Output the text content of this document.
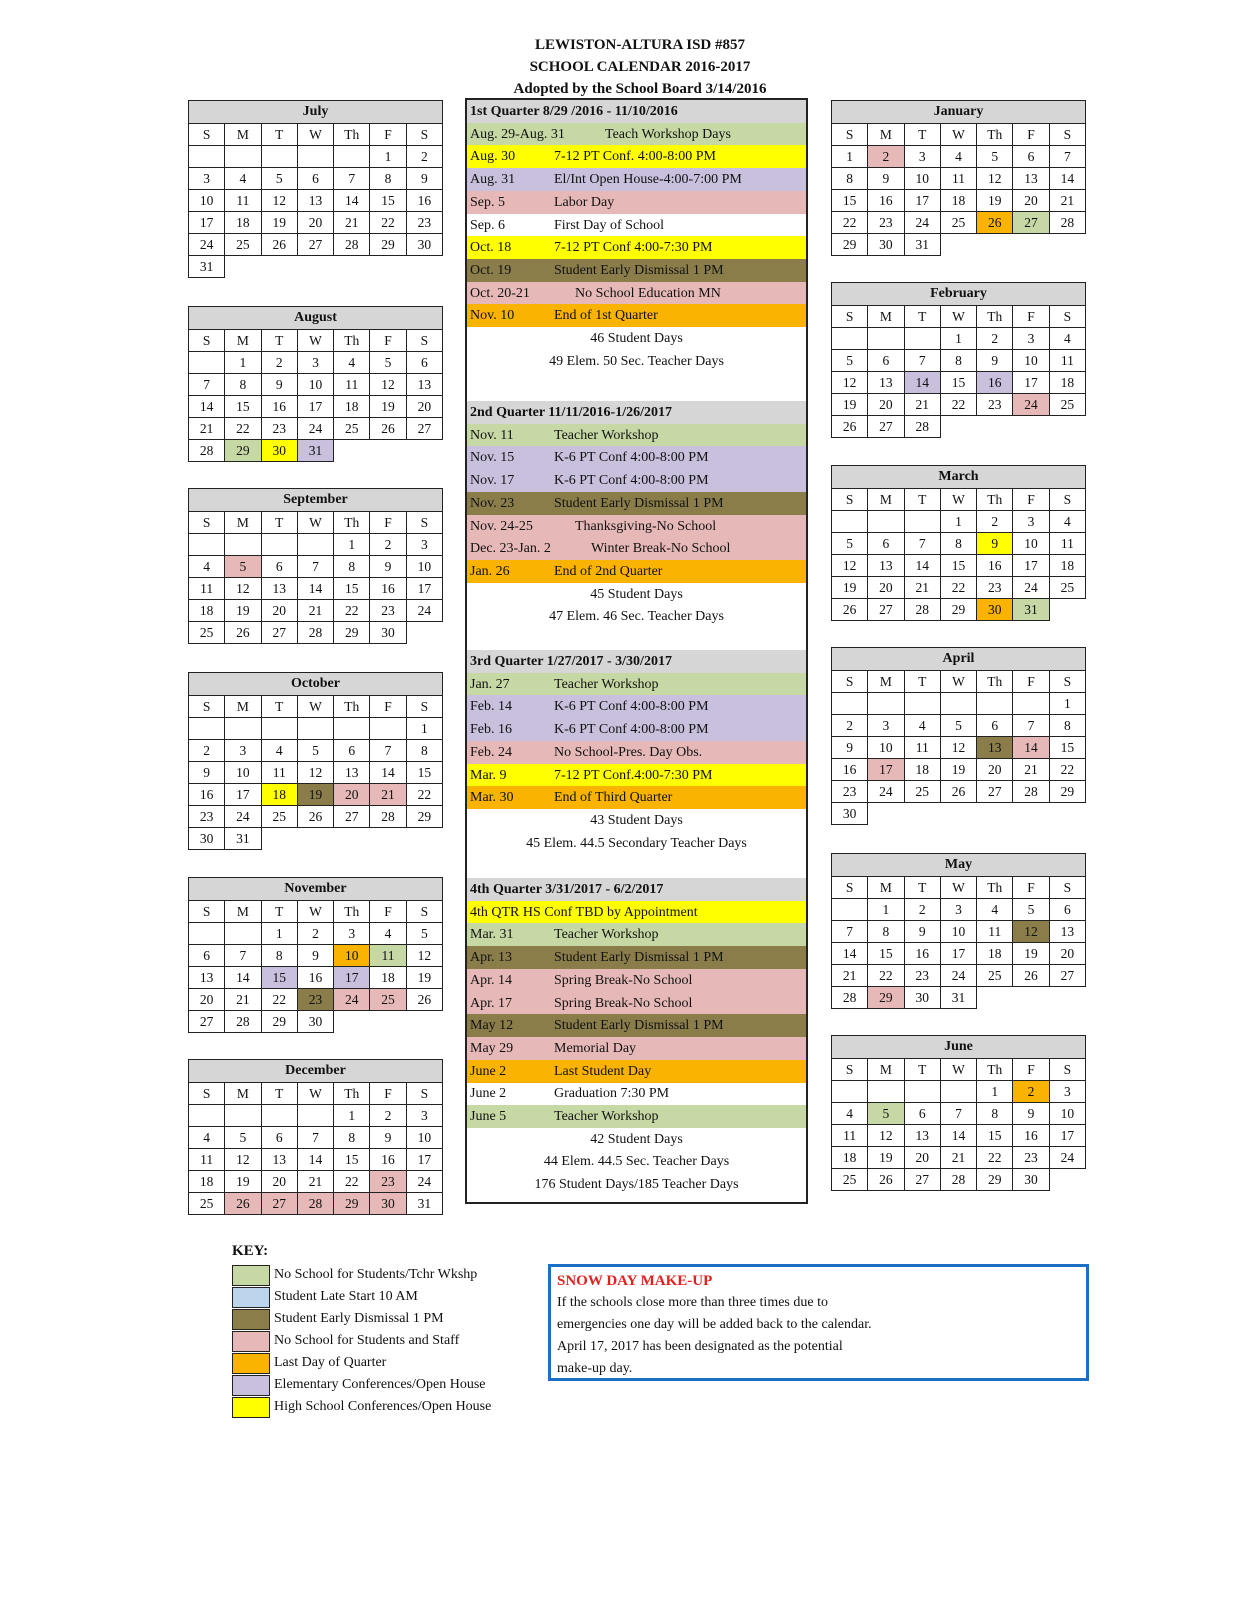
LEWISTON-ALTURA ISD #857
SCHOOL CALENDAR 2016-2017
Adopted by the School Board 3/14/2016
July						
S	M	T	W	Th	F	S
					1	2
3	4	5	6	7	8	9
10	11	12	13	14	15	16
17	18	19	20	21	22	23
24	25	26	27	28	29	30
31						
August						
S	M	T	W	Th	F	S
	1	2	3	4	5	6
7	8	9	10	11	12	13
14	15	16	17	18	19	20
21	22	23	24	25	26	27
28	29	30	31			
September						
S	M	T	W	Th	F	S
				1	2	3
4	5	6	7	8	9	10
11	12	13	14	15	16	17
18	19	20	21	22	23	24
25	26	27	28	29	30	
October						
S	M	T	W	Th	F	S
						1
2	3	4	5	6	7	8
9	10	11	12	13	14	15
16	17	18	19	20	21	22
23	24	25	26	27	28	29
30	31					
November						
S	M	T	W	Th	F	S
		1	2	3	4	5
6	7	8	9	10	11	12
13	14	15	16	17	18	19
20	21	22	23	24	25	26
27	28	29	30			
December						
S	M	T	W	Th	F	S
				1	2	3
4	5	6	7	8	9	10
11	12	13	14	15	16	17
18	19	20	21	22	23	24
25	26	27	28	29	30	31
January						
S	M	T	W	Th	F	S
1	2	3	4	5	6	7
8	9	10	11	12	13	14
15	16	17	18	19	20	21
22	23	24	25	26	27	28
29	30	31				
February						
S	M	T	W	Th	F	S
			1	2	3	4
5	6	7	8	9	10	11
12	13	14	15	16	17	18
19	20	21	22	23	24	25
26	27	28				
March						
S	M	T	W	Th	F	S
			1	2	3	4
5	6	7	8	9	10	11
12	13	14	15	16	17	18
19	20	21	22	23	24	25
26	27	28	29	30	31	
April						
S	M	T	W	Th	F	S
						1
2	3	4	5	6	7	8
9	10	11	12	13	14	15
16	17	18	19	20	21	22
23	24	25	26	27	28	29
30						
May						
S	M	T	W	Th	F	S
	1	2	3	4	5	6
7	8	9	10	11	12	13
14	15	16	17	18	19	20
21	22	23	24	25	26	27
28	29	30	31			
June						
S	M	T	W	Th	F	S
				1	2	3
4	5	6	7	8	9	10
11	12	13	14	15	16	17
18	19	20	21	22	23	24
25	26	27	28	29	30	
1st Quarter 8/29 /2016 - 11/10/2016
Aug. 29-Aug. 31	Teach Workshop Days
Aug. 30	7-12 PT Conf. 4:00-8:00 PM
Aug. 31	El/Int Open House-4:00-7:00 PM
Sep. 5	Labor Day
Sep. 6	First Day of School
Oct. 18	7-12 PT Conf 4:00-7:30 PM
Oct. 19	Student Early Dismissal 1 PM
Oct. 20-21	No School Education MN
Nov. 10	End of 1st Quarter
46 Student Days
49 Elem. 50 Sec. Teacher Days
2nd Quarter 11/11/2016-1/26/2017
Nov. 11	Teacher Workshop
Nov. 15	K-6 PT Conf 4:00-8:00 PM
Nov. 17	K-6 PT Conf 4:00-8:00 PM
Nov. 23	Student Early Dismissal 1 PM
Nov. 24-25	Thanksgiving-No School
Dec. 23-Jan. 2	Winter Break-No School
Jan. 26	End of 2nd Quarter
45 Student Days
47 Elem. 46 Sec. Teacher Days
3rd Quarter 1/27/2017 - 3/30/2017
Jan. 27	Teacher Workshop
Feb. 14	K-6 PT Conf 4:00-8:00 PM
Feb. 16	K-6 PT Conf 4:00-8:00 PM
Feb. 24	No School-Pres. Day Obs.
Mar. 9	7-12 PT Conf.4:00-7:30 PM
Mar. 30	End of Third Quarter
43 Student Days
45 Elem. 44.5 Secondary Teacher Days
4th Quarter 3/31/2017 - 6/2/2017
4th QTR HS Conf TBD by Appointment
Mar. 31	Teacher Workshop
Apr. 13	Student Early Dismissal 1 PM
Apr. 14	Spring Break-No School
Apr. 17	Spring Break-No School
May 12	Student Early Dismissal 1 PM
May 29	Memorial Day
June 2	Last Student Day
June 2	Graduation 7:30 PM
June 5	Teacher Workshop
42 Student Days
44 Elem. 44.5 Sec. Teacher Days
176 Student Days/185 Teacher Days
KEY:
No School for Students/Tchr Wkshp
Student Late Start 10 AM
Student Early Dismissal 1 PM
No School for Students and Staff
Last Day of Quarter
Elementary Conferences/Open House
High School Conferences/Open House
SNOW DAY MAKE-UP
If the schools close more than three times due to
emergencies one day will be added back to the calendar.
April 17, 2017 has been designated as the potential
make-up day.
